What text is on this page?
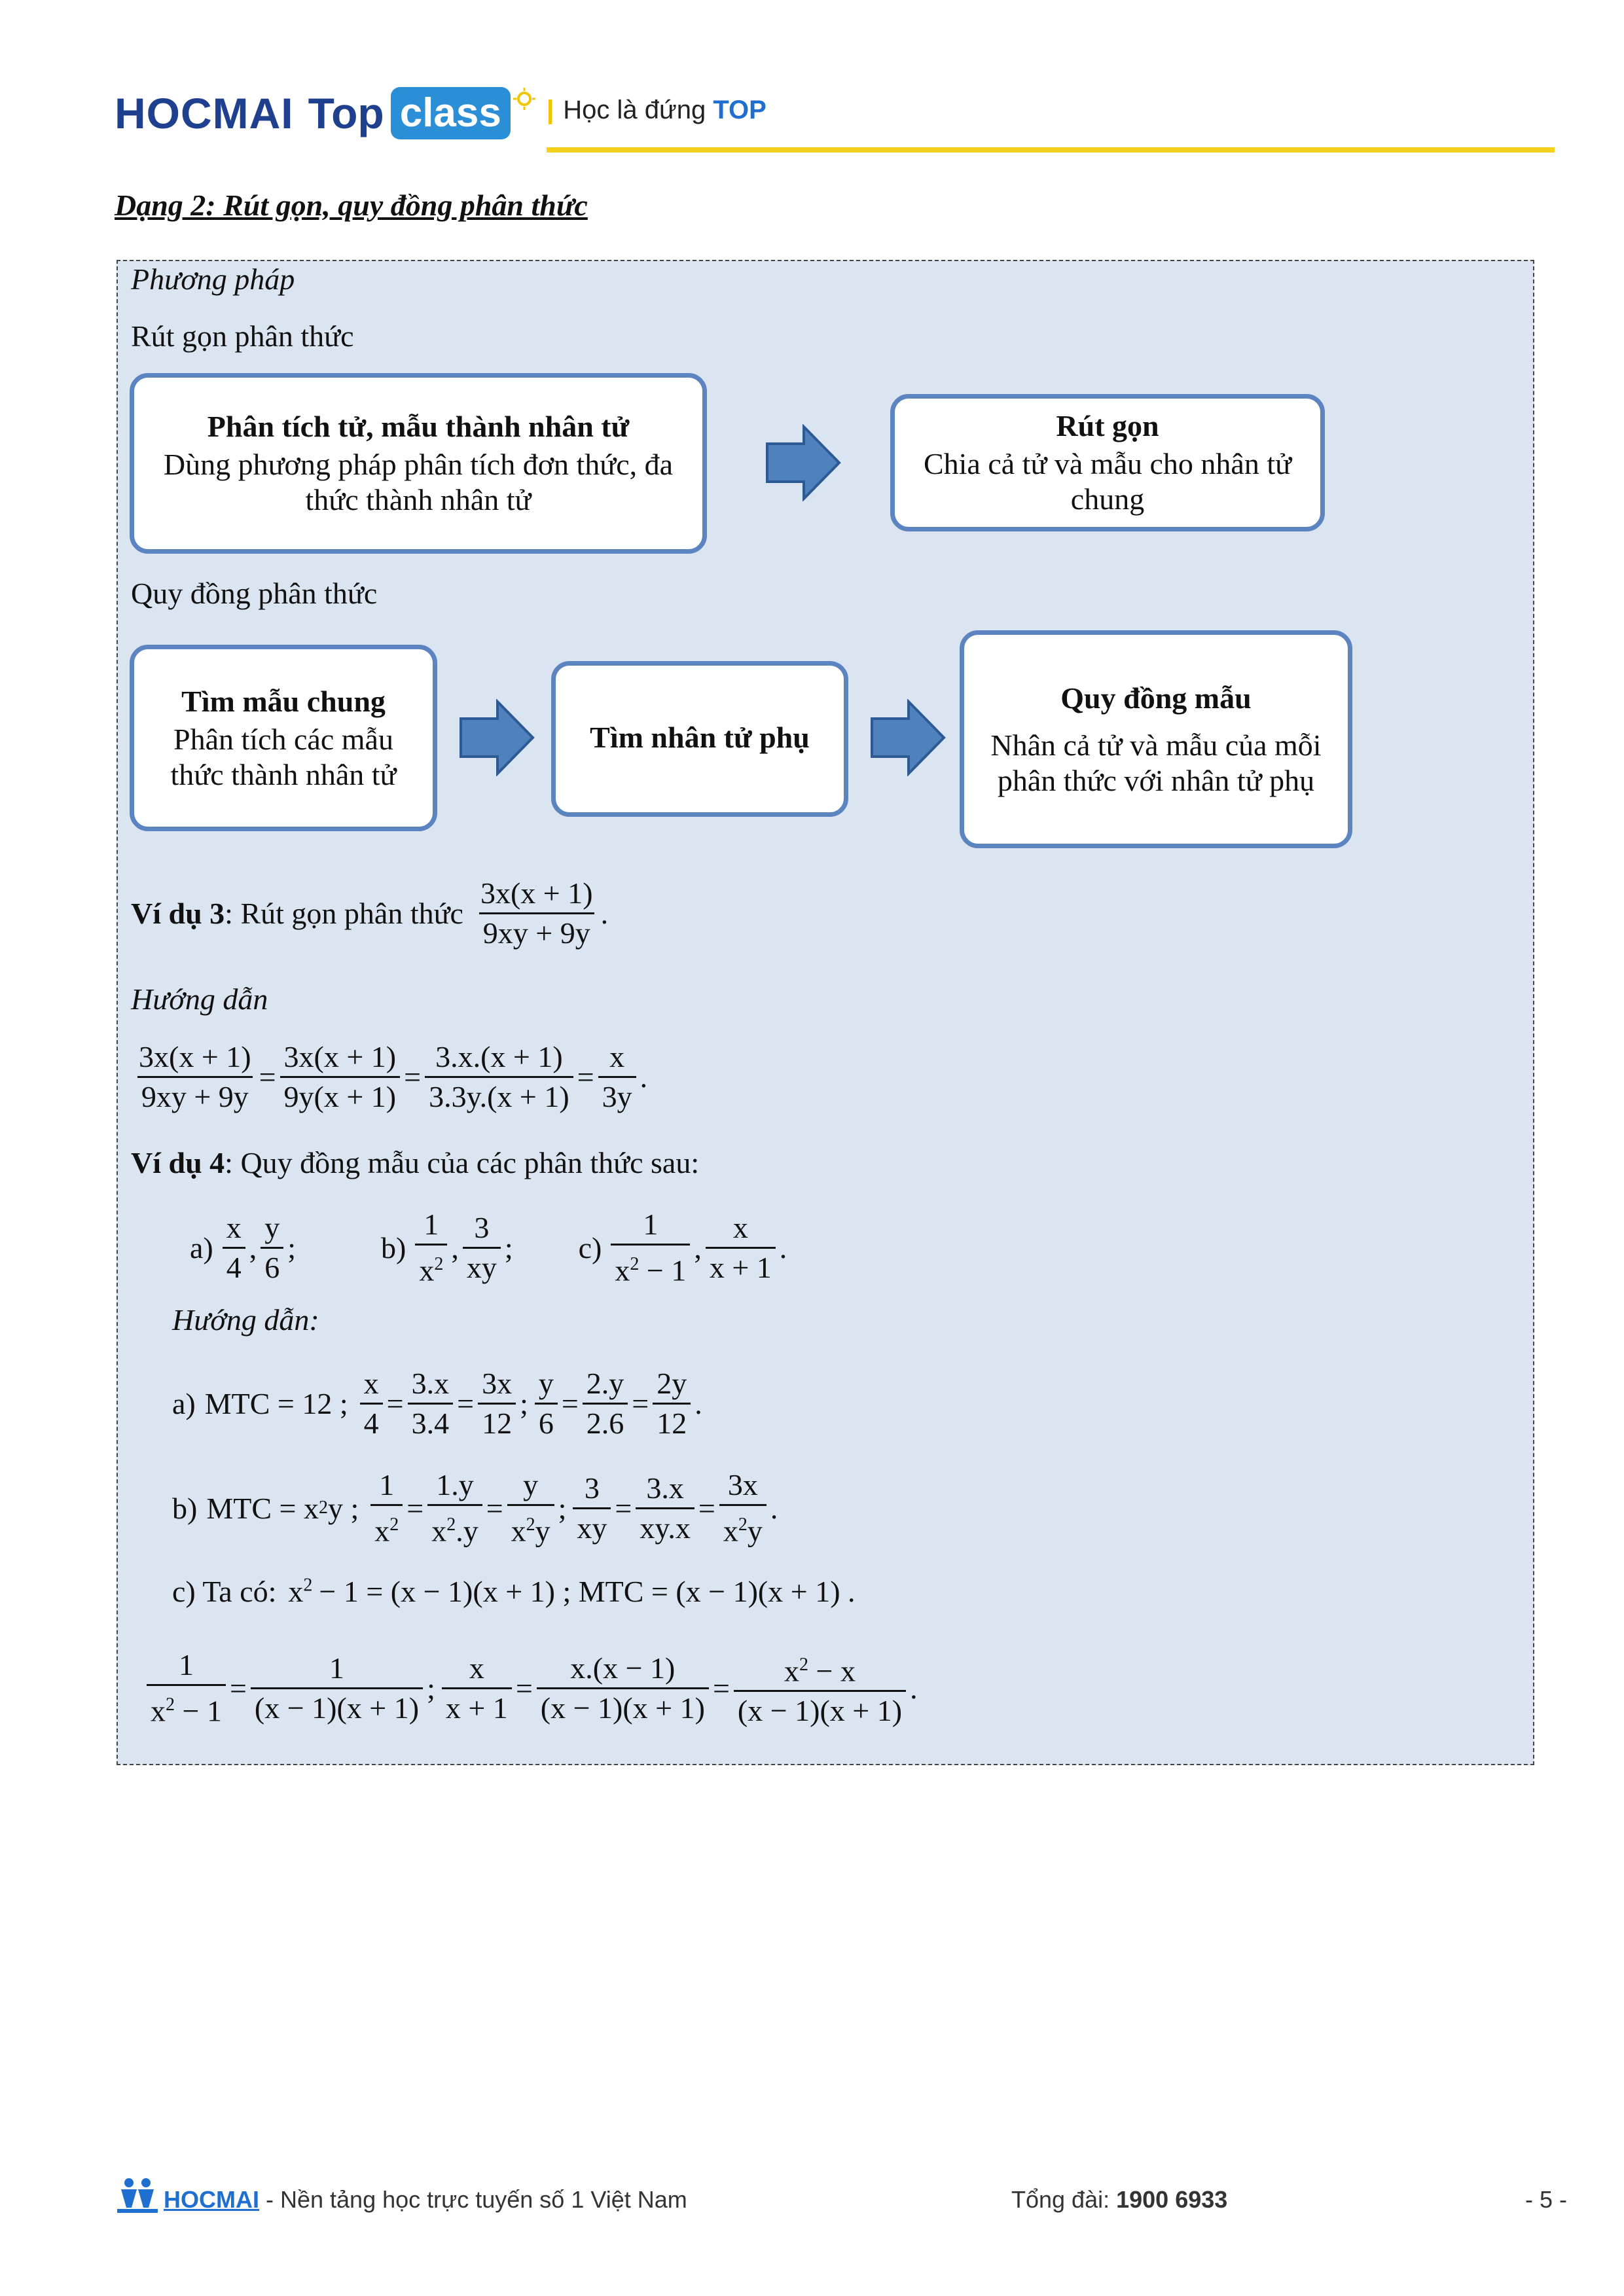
HOCMAI Top class	| Học là đứng TOP
Dạng 2: Rút gọn, quy đồng phân thức
Phương pháp
Rút gọn phân thức
Phân tích tử, mẫu thành nhân tử
Dùng phương pháp phân tích đơn thức, đa thức thành nhân tử
Rút gọn
Chia cả tử và mẫu cho nhân tử chung
Quy đồng phân thức
Tìm mẫu chung
Phân tích các mẫu thức thành nhân tử
Tìm nhân tử phụ
Quy đồng mẫu
Nhân cả tử và mẫu của mỗi phân thức với nhân tử phụ
Ví dụ 3 : Rút gọn phân thức $\frac{3x(x + 1)}{9xy + 9y}$ .
Hướng dẫn
$\frac{3x(x + 1)}{9xy + 9y} = \frac{3x(x + 1)}{9y(x + 1)} = \frac{3.x.(x + 1)}{3.3y.(x + 1)} = \frac{x}{3y}$ .
Ví dụ 4 : Quy đồng mẫu của các phân thức sau:
$a) \frac{x}{4}$ , $\frac{y}{6}$ ;	$b) \frac{1}{x^2}$ , $\frac{3}{xy}$ ; $c) \frac{1}{x^2 - 1}$ , $\frac{x}{x + 1}$ .
Hướng dẫn:
a) MTC = 12 ; $\frac{x}{4} = \frac{3.x}{3.4} = \frac{3x}{12}$ ; $\frac{y}{6} = \frac{2.y}{2.6} = \frac{2y}{12}$ .
b) MTC = x 2 y ; $\frac{1}{x^2} = \frac{1.y}{x^2.y} = \frac{y}{x^2y}$ ; $\frac{3}{xy} = \frac{3.x}{xy.x} = \frac{3x}{x^2y}$ .
c) Ta có: $x^2 - 1 = (x - 1)(x + 1)$ ; MTC = (x − 1)(x + 1) .
$\frac{1}{x^2 - 1} = \frac{1}{(x - 1)(x + 1)}$ ; $\frac{x}{x + 1} = \frac{x.(x - 1)}{(x - 1)(x + 1)} = \frac{x^2 - x}{(x - 1)(x + 1)}$ .
HOCMAI - Nền tảng học trực tuyến số 1 Việt Nam	Tổng đài: 1900 6933	- 5 -
